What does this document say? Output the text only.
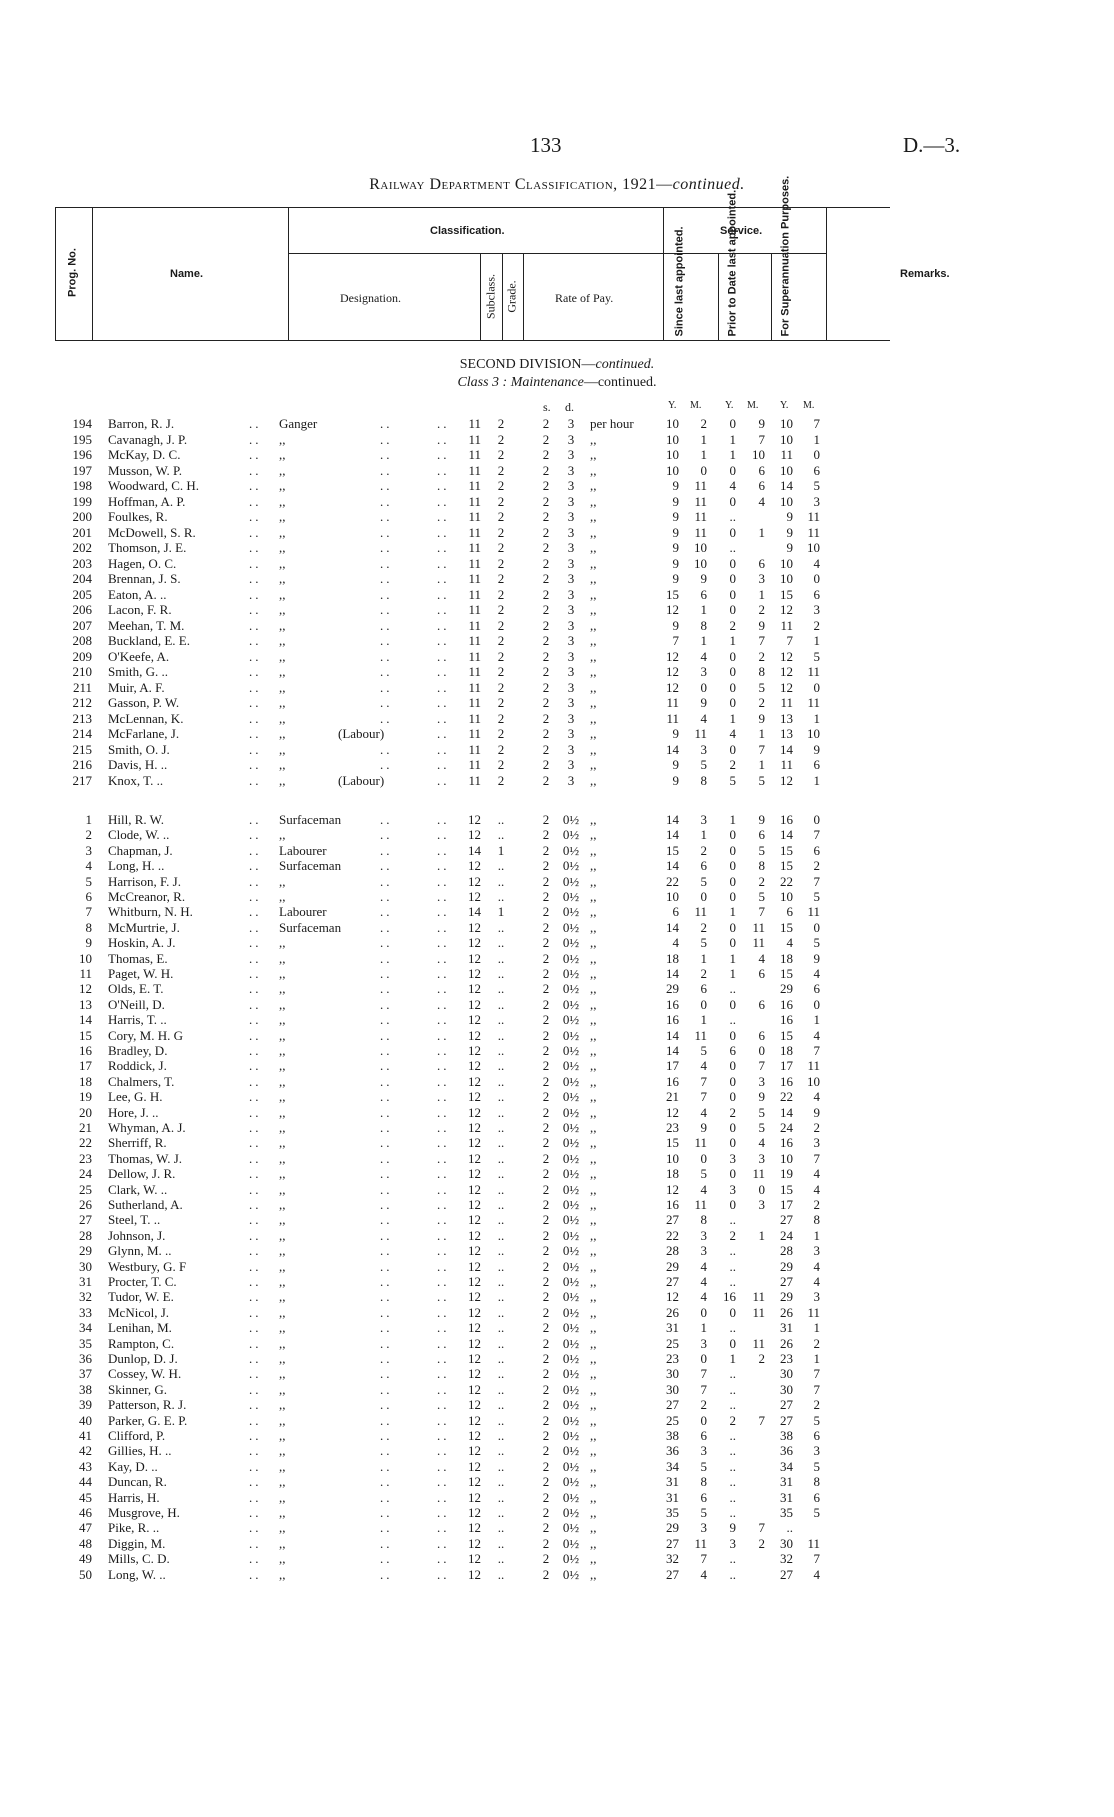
133	D.—3.
Railway Department Classification, 1921—continued.
Prog. No.	Name.
Classification.	Service.
Designation.	Subclass. Grade.	Rate of Pay.	Since last appointed.	Prior to Date last appointed.	For Superannuation Purposes.	Remarks.
SECOND DIVISION—continued.
Class 3 : Maintenance—continued.
s. d.	Y. M. Y. M. Y. M.
194 Barron, R. J.	.. Ganger	..	..	11 2	2	3	per hour	10	2	0	9	10	7
195 Cavanagh, J. P.	.. ,,	..	..	11 2	2	3	,,	10	1	1	7	10	1
196 McKay, D. C.	.. ,,	..	..	11 2	2	3	,,	10	1	1	10	11	0
197 Musson, W. P.	.. ,,	..	..	11 2	2	3	,,	10	0	0	6	10	6
198 Woodward, C. H.	.. ,,	..	..	11 2	2	3	,,	9	11	4	6	14	5
199 Hoffman, A. P.	.. ,,	..	..	11 2	2	3	,,	9	11	0	4	10	3
200 Foulkes, R.	.. ,,	..	..	11 2	2	3	,,	9	11	..	9	11
201 McDowell, S. R.	.. ,,	..	..	11 2	2	3	,,	9	11	0	1	9	11
202 Thomson, J. E.	.. ,,	..	..	11 2	2	3	,,	9	10	..	9	10
203 Hagen, O. C.	.. ,,	..	..	11 2	2	3	,,	9	10	0	6	10	4
204 Brennan, J. S.	.. ,,	..	..	11 2	2	3	,,	9	9	0	3	10	0
205 Eaton, A. ..	.. ,,	..	..	11 2	2	3	,,	15	6	0	1	15	6
206 Lacon, F. R.	.. ,,	..	..	11 2	2	3	,,	12	1	0	2	12	3
207 Meehan, T. M.	.. ,,	..	..	11 2	2	3	,,	9	8	2	9	11	2
208 Buckland, E. E.	.. ,,	..	..	11 2	2	3	,,	7	1	1	7	7	1
209 O'Keefe, A.	.. ,,	..	..	11 2	2	3	,,	12	4	0	2	12	5
210 Smith, G. ..	.. ,,	..	..	11 2	2	3	,,	12	3	0	8	12	11
211 Muir, A. F.	.. ,,	..	..	11 2	2	3	,,	12	0	0	5	12	0
212 Gasson, P. W.	.. ,,	..	..	11 2	2	3	,,	11	9	0	2	11	11
213 McLennan, K.	.. ,,	..	..	11 2	2	3	,,	11	4	1	9	13	1
214 McFarlane, J.	.. ,,	(Labour)	..	11 2	2	3	,,	9	11	4	1	13	10
215 Smith, O. J.	.. ,,	..	..	11 2	2	3	,,	14	3	0	7	14	9
216 Davis, H. ..	.. ,,	..	..	11 2	2	3	,,	9	5	2	1	11	6
217 Knox, T. ..	.. ,,	(Labour)	..	11 2	2	3	,,	9	8	5	5	12	1
1 Hill, R. W.	.. Surfaceman	..	..	12 ..	2 0½ ,,	14	3	1	9	16	0
2 Clode, W. ..	.. ,,	..	..	12 ..	2 0½ ,,	14	1	0	6	14	7
3 Chapman, J.	.. Labourer	..	..	14 1	2 0½ ,,	15	2	0	5	15	6
4 Long, H. ..	.. Surfaceman	..	..	12 ..	2 0½ ,,	14	6	0	8	15	2
5 Harrison, F. J.	.. ,,	..	..	12 ..	2 0½ ,,	22	5	0	2	22	7
6 McCreanor, R.	.. ,,	..	..	12 ..	2 0½ ,,	10	0	0	5	10	5
7 Whitburn, N. H.	.. Labourer	..	..	14 1	2 0½ ,,	6	11	1	7	6	11
8 McMurtrie, J.	.. Surfaceman	..	..	12 ..	2 0½ ,,	14	2	0	11	15	0
9 Hoskin, A. J.	.. ,,	..	..	12 ..	2 0½ ,,	4	5	0	11	4	5
10 Thomas, E.	.. ,,	..	..	12 ..	2 0½ ,,	18	1	1	4	18	9
11 Paget, W. H.	.. ,,	..	..	12 ..	2 0½ ,,	14	2	1	6	15	4
12 Olds, E. T.	.. ,,	..	..	12 ..	2 0½ ,,	29	6	..	29	6
13 O'Neill, D.	.. ,,	..	..	12 ..	2 0½ ,,	16	0	0	6	16	0
14 Harris, T. ..	.. ,,	..	..	12 ..	2 0½ ,,	16	1	..	16	1
15 Cory, M. H. G	.. ,,	..	..	12 ..	2 0½ ,,	14	11	0	6	15	4
16 Bradley, D.	.. ,,	..	..	12 ..	2 0½ ,,	14	5	6	0	18	7
17 Roddick, J.	.. ,,	..	..	12 ..	2 0½ ,,	17	4	0	7	17	11
18 Chalmers, T.	.. ,,	..	..	12 ..	2 0½ ,,	16	7	0	3	16	10
19 Lee, G. H.	.. ,,	..	..	12 ..	2 0½ ,,	21	7	0	9	22	4
20 Hore, J. ..	.. ,,	..	..	12 ..	2 0½ ,,	12	4	2	5	14	9
21 Whyman, A. J.	.. ,,	..	..	12 ..	2 0½ ,,	23	9	0	5	24	2
22 Sherriff, R.	.. ,,	..	..	12 ..	2 0½ ,,	15	11	0	4	16	3
23 Thomas, W. J.	.. ,,	..	..	12 ..	2 0½ ,,	10	0	3	3	10	7
24 Dellow, J. R.	.. ,,	..	..	12 ..	2 0½ ,,	18	5	0	11	19	4
25 Clark, W. ..	.. ,,	..	..	12 ..	2 0½ ,,	12	4	3	0	15	4
26 Sutherland, A.	.. ,,	..	..	12 ..	2 0½ ,,	16	11	0	3	17	2
27 Steel, T. ..	.. ,,	..	..	12 ..	2 0½ ,,	27	8	..	27	8
28 Johnson, J.	.. ,,	..	..	12 ..	2 0½ ,,	22	3	2	1	24	1
29 Glynn, M. ..	.. ,,	..	..	12 ..	2 0½ ,,	28	3	..	28	3
30 Westbury, G. F	.. ,,	..	..	12 ..	2 0½ ,,	29	4	..	29	4
31 Procter, T. C.	.. ,,	..	..	12 ..	2 0½ ,,	27	4	..	27	4
32 Tudor, W. E.	.. ,,	..	..	12 ..	2 0½ ,,	12	4	16	11	29	3
33 McNicol, J.	.. ,,	..	..	12 ..	2 0½ ,,	26	0	0	11	26	11
34 Lenihan, M.	.. ,,	..	..	12 ..	2 0½ ,,	31	1	..	31	1
35 Rampton, C.	.. ,,	..	..	12 ..	2 0½ ,,	25	3	0	11	26	2
36 Dunlop, D. J.	.. ,,	..	..	12 ..	2 0½ ,,	23	0	1	2	23	1
37 Cossey, W. H.	.. ,,	..	..	12 ..	2 0½ ,,	30	7	..	30	7
38 Skinner, G.	.. ,,	..	..	12 ..	2 0½ ,,	30	7	..	30	7
39 Patterson, R. J.	.. ,,	..	..	12 ..	2 0½ ,,	27	2	..	27	2
40 Parker, G. E. P.	.. ,,	..	..	12 ..	2 0½ ,,	25	0	2	7	27	5
41 Clifford, P.	.. ,,	..	..	12 ..	2 0½ ,,	38	6	..	38	6
42 Gillies, H. ..	.. ,,	..	..	12 ..	2 0½ ,,	36	3	..	36	3
43 Kay, D. ..	.. ,,	..	..	12 ..	2 0½ ,,	34	5	..	34	5
44 Duncan, R.	.. ,,	..	..	12 ..	2 0½ ,,	31	8	..	31	8
45 Harris, H.	.. ,,	..	..	12 ..	2 0½ ,,	31	6	..	31	6
46 Musgrove, H.	.. ,,	..	..	12 ..	2 0½ ,,	35	5	..	35	5
47 Pike, R. ..	.. ,,	..	..	12 ..	2 0½ ,,	29	3	9	7	..
48 Diggin, M.	.. ,,	..	..	12 ..	2 0½ ,,	27	11	3	2	30	11
49 Mills, C. D.	.. ,,	..	..	12 ..	2 0½ ,,	32	7	..	32	7
50 Long, W. ..	.. ,,	..	..	12 ..	2 0½ ,,	27	4	..	27	4
